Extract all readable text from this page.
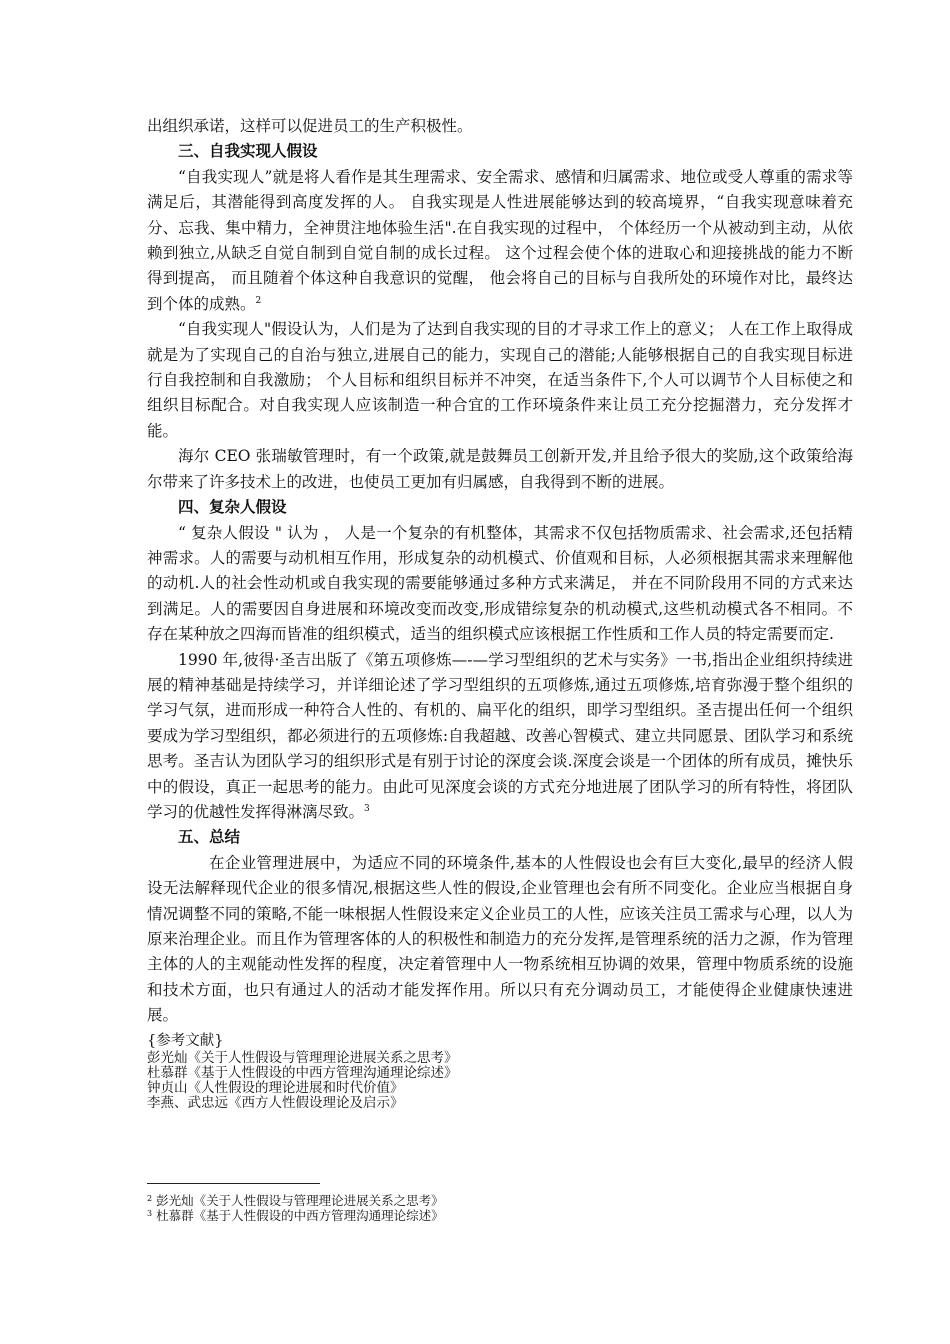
出组织承诺，这样可以促进员工的生产积极性。

三、自我实现人假设

“自我实现人”就是将人看作是其生理需求、安全需求、感情和归属需求、地位或受人尊重的需求等满足后，其潜能得到高度发挥的人。 自我实现是人性进展能够达到的较高境界，“自我实现意味着充分、忘我、集中精力，全神贯注地体验生活".在自我实现的过程中， 个体经历一个从被动到主动，从依赖到独立,从缺乏自觉自制到自觉自制的成长过程。 这个过程会使个体的进取心和迎接挑战的能力不断得到提高， 而且随着个体这种自我意识的觉醒， 他会将自己的目标与自我所处的环境作对比，最终达到个体的成熟。$^2$

“自我实现人"假设认为，人们是为了达到自我实现的目的才寻求工作上的意义； 人在工作上取得成就是为了实现自己的自治与独立,进展自己的能力，实现自己的潜能;人能够根据自己的自我实现目标进行自我控制和自我激励； 个人目标和组织目标并不冲突，在适当条件下,个人可以调节个人目标使之和组织目标配合。对自我实现人应该制造一种合宜的工作环境条件来让员工充分挖掘潜力，充分发挥才能。

海尔 CEO 张瑞敏管理时，有一个政策,就是鼓舞员工创新开发,并且给予很大的奖励,这个政策给海尔带来了许多技术上的改进，也使员工更加有归属感，自我得到不断的进展。

四、复杂人假设

“ 复杂人假设 " 认为 ， 人是一个复杂的有机整体，其需求不仅包括物质需求、社会需求,还包括精神需求。人的需要与动机相互作用，形成复杂的动机模式、价值观和目标，人必须根据其需求来理解他的动机.人的社会性动机或自我实现的需要能够通过多种方式来满足， 并在不同阶段用不同的方式来达到满足。人的需要因自身进展和环境改变而改变,形成错综复杂的机动模式,这些机动模式各不相同。不存在某种放之四海而皆准的组织模式，适当的组织模式应该根据工作性质和工作人员的特定需要而定.

1990 年,彼得·圣吉出版了《第五项修炼—-—学习型组织的艺术与实务》一书,指出企业组织持续进展的精神基础是持续学习，并详细论述了学习型组织的五项修炼,通过五项修炼,培育弥漫于整个组织的学习气氛，进而形成一种符合人性的、有机的、扁平化的组织，即学习型组织。圣吉提出任何一个组织要成为学习型组织，都必须进行的五项修炼:自我超越、改善心智模式、建立共同愿景、团队学习和系统思考。圣吉认为团队学习的组织形式是有别于讨论的深度会谈.深度会谈是一个团体的所有成员，摊快乐中的假设，真正一起思考的能力。由此可见深度会谈的方式充分地进展了团队学习的所有特性，将团队学习的优越性发挥得淋漓尽致。$^3$

五、总结

在企业管理进展中，为适应不同的环境条件,基本的人性假设也会有巨大变化,最早的经济人假设无法解释现代企业的很多情况,根据这些人性的假设,企业管理也会有所不同变化。企业应当根据自身情况调整不同的策略,不能一味根据人性假设来定义企业员工的人性，应该关注员工需求与心理，以人为原来治理企业。而且作为管理客体的人的积极性和制造力的充分发挥,是管理系统的活力之源，作为管理主体的人的主观能动性发挥的程度，决定着管理中人一物系统相互协调的效果，管理中物质系统的设施和技术方面，也只有通过人的活动才能发挥作用。所以只有充分调动员工，才能使得企业健康快速进展。

{参考文献}
彭光灿《关于人性假设与管理理论进展关系之思考》
杜慕群《基于人性假设的中西方管理沟通理论综述》
钟贞山《人性假设的理论进展和时代价值》
李燕、武忠远《西方人性假设理论及启示》
$^2$ 彭光灿《关于人性假设与管理理论进展关系之思考》
$^3$ 杜慕群《基于人性假设的中西方管理沟通理论综述》
